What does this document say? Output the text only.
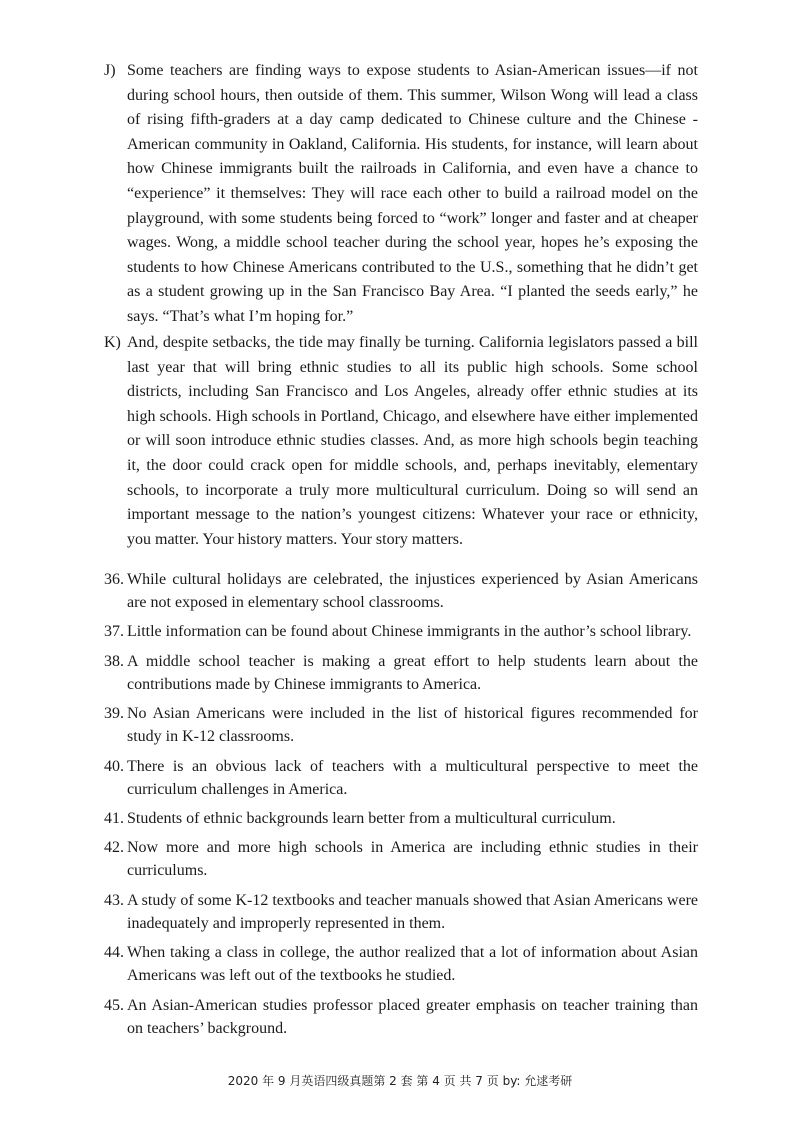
J) Some teachers are finding ways to expose students to Asian-American issues—if not during school hours, then outside of them. This summer, Wilson Wong will lead a class of rising fifth-graders at a day camp dedicated to Chinese culture and the Chinese -American community in Oakland, California. His students, for instance, will learn about how Chinese immigrants built the railroads in California, and even have a chance to “experience” it themselves: They will race each other to build a railroad model on the playground, with some students being forced to “work” longer and faster and at cheaper wages. Wong, a middle school teacher during the school year, hopes he’s exposing the students to how Chinese Americans contributed to the U.S., something that he didn’t get as a student growing up in the San Francisco Bay Area. “I planted the seeds early,” he says. “That’s what I’m hoping for.”
K) And, despite setbacks, the tide may finally be turning. California legislators passed a bill last year that will bring ethnic studies to all its public high schools. Some school districts, including San Francisco and Los Angeles, already offer ethnic studies at its high schools. High schools in Portland, Chicago, and elsewhere have either implemented or will soon introduce ethnic studies classes. And, as more high schools begin teaching it, the door could crack open for middle schools, and, perhaps inevitably, elementary schools, to incorporate a truly more multicultural curriculum. Doing so will send an important message to the nation’s youngest citizens: Whatever your race or ethnicity, you matter. Your history matters. Your story matters.
36. While cultural holidays are celebrated, the injustices experienced by Asian Americans are not exposed in elementary school classrooms.
37. Little information can be found about Chinese immigrants in the author’s school library.
38. A middle school teacher is making a great effort to help students learn about the contributions made by Chinese immigrants to America.
39. No Asian Americans were included in the list of historical figures recommended for study in K-12 classrooms.
40. There is an obvious lack of teachers with a multicultural perspective to meet the curriculum challenges in America.
41. Students of ethnic backgrounds learn better from a multicultural curriculum.
42. Now more and more high schools in America are including ethnic studies in their curriculums.
43. A study of some K-12 textbooks and teacher manuals showed that Asian Americans were inadequately and improperly represented in them.
44. When taking a class in college, the author realized that a lot of information about Asian Americans was left out of the textbooks he studied.
45. An Asian-American studies professor placed greater emphasis on teacher training than on teachers’ background.
2020 年 9 月英语四级真题第 2 套 第 4 页 共 7 页 by: 允逑考研
